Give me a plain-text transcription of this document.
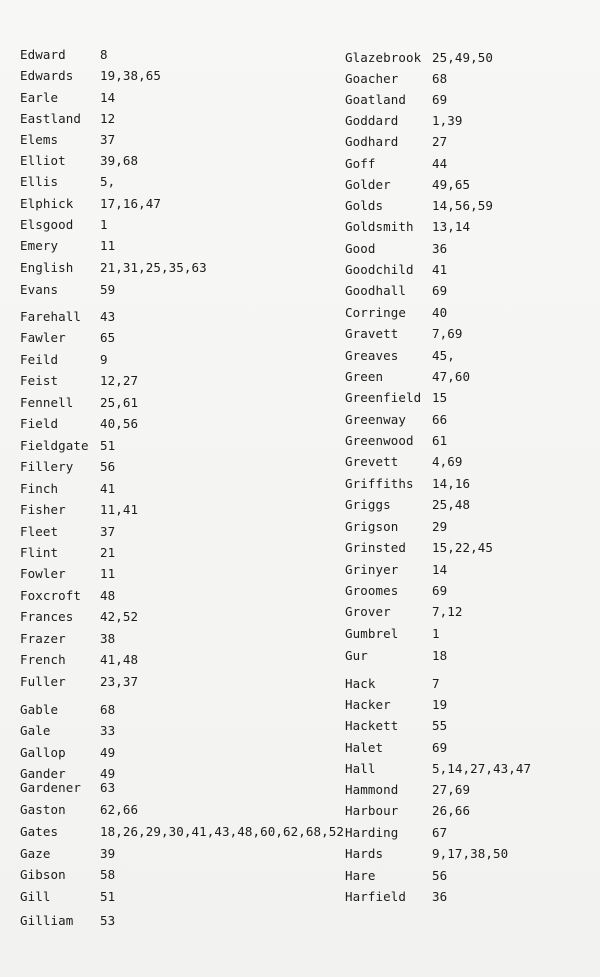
Edward	8
Edwards 19,38,65
Earle	14
Eastland 12
Elems	37
Elliot	39,68
Ellis	5,
Elphick 17,16,47
Elsgood 1
Emery	11
English 21,31,25,35,63
Evans	59
Farehall 43
Fawler	65
Feild	9
Feist	12,27
Fennell 25,61
Field	40,56
Fieldgate 51
Fillery 56
Finch	41
Fisher	11,41
Fleet	37
Flint	21
Fowler	11
Foxcroft 48
Frances 42,52
Frazer	38
French	41,48
Fuller	23,37
Gable	68
Gale	33
Gallop	49
Gander	49
Gardener 63
Gaston	62,66
Gates	18,26,29,30,41,43,48,60,62,68,52
Gaze	39
Gibson	58
Gill	51
Gilliam 53
Glazebrook 25,49,50
Goacher	68
Goatland 69
Goddard	1,39
Godhard	27
Goff	44
Golder	49,65
Golds	14,56,59
Goldsmith 13,14
Good	36
Goodchild 41
Goodhall 69
Corringe 40
Gravett	7,69
Greaves	45,
Green	47,60
Greenfield 15
Greenway 66
Greenwood 61
Grevett	4,69
Griffiths 14,16
Griggs	25,48
Grigson	29
Grinsted 15,22,45
Grinyer	14
Groomes	69
Grover	7,12
Gumbrel	1
Gur	18
Hack	7
Hacker	19
Hackett	55
Halet	69
Hall	5,14,27,43,47
Hammond	27,69
Harbour	26,66
Harding	67
Hards	9,17,38,50
Hare	56
Harfield 36
